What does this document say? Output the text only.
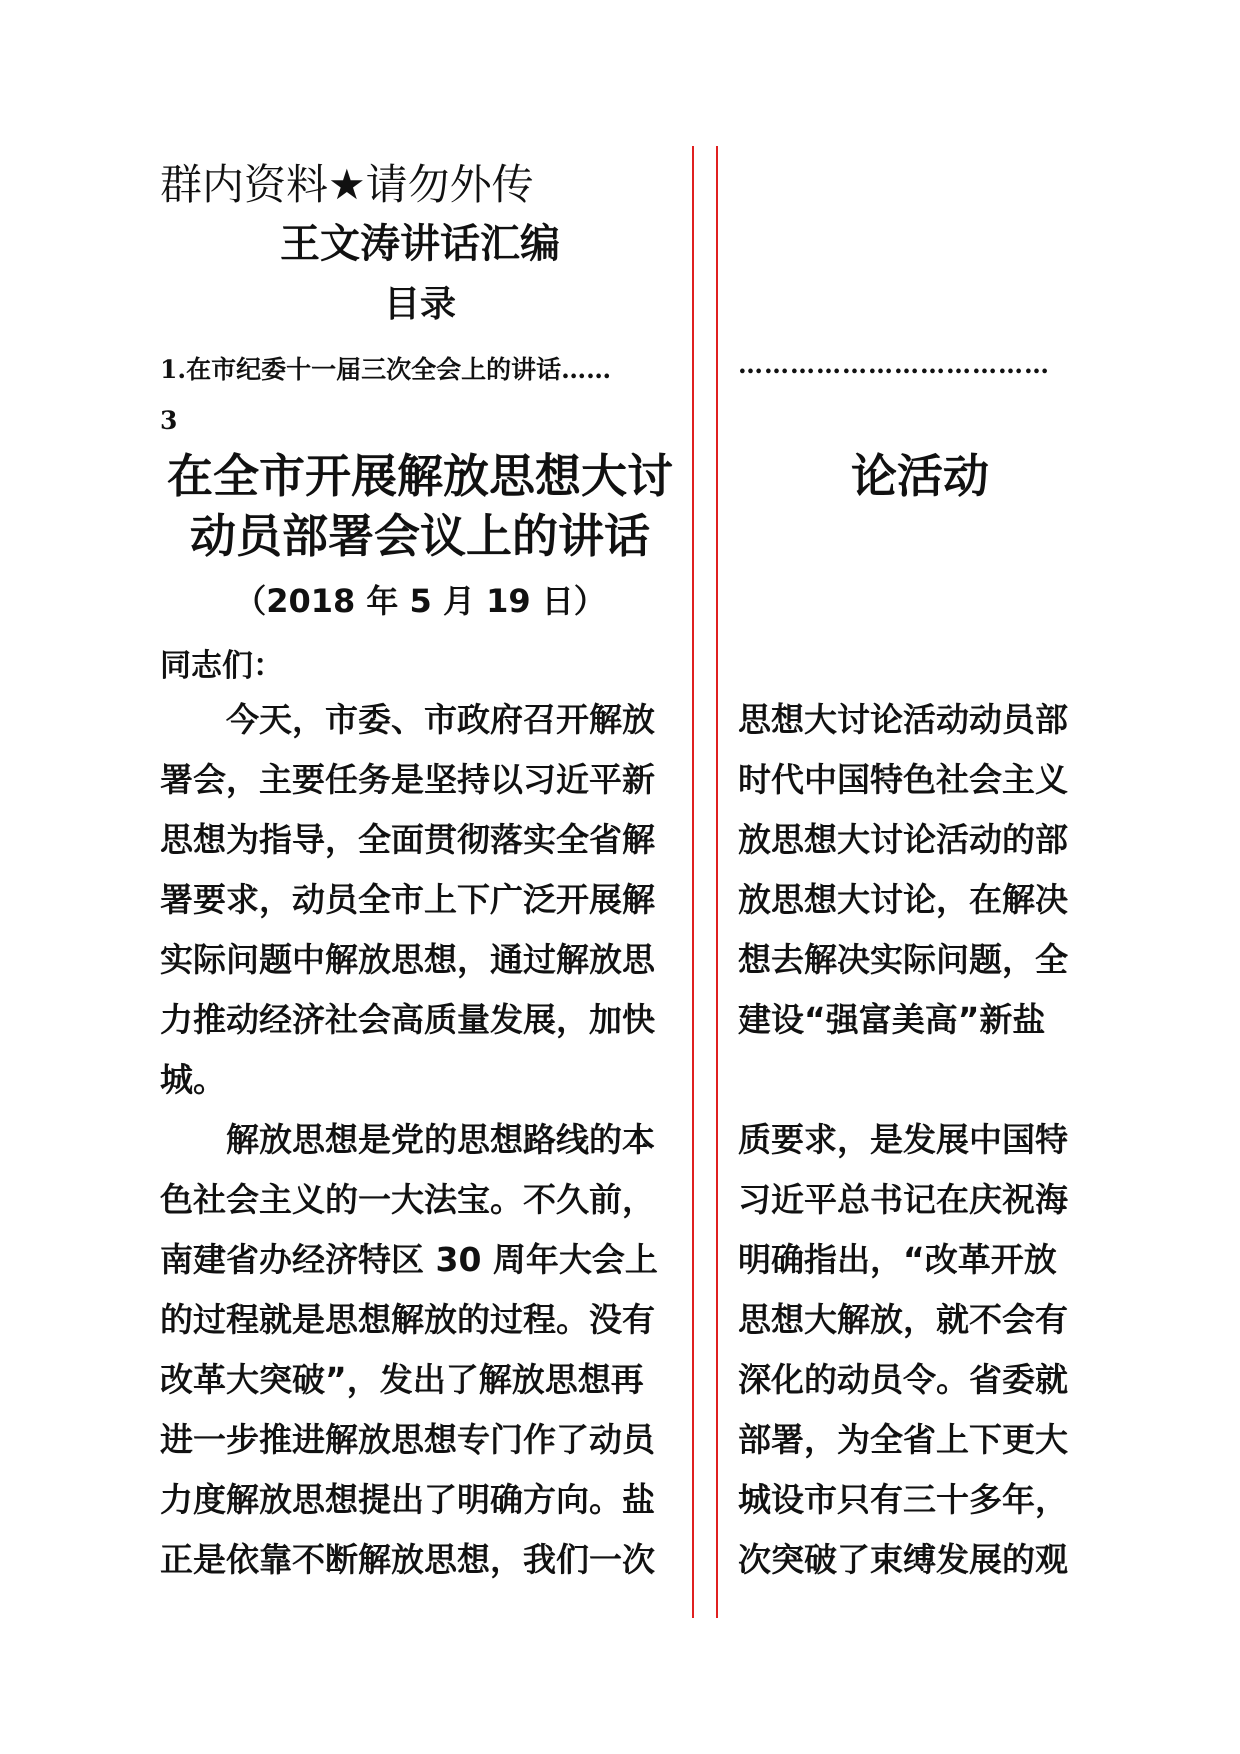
群内资料★请勿外传
王文涛讲话汇编
目录
1.在市纪委十一届三次全会上的讲话……	………………………………
3
在全市开展解放思想大讨
动员部署会议上的讲话
论活动
（2018 年 5 月 19 日）
同志们：
　　今天，市委、市政府召开解放
署会，主要任务是坚持以习近平新
思想为指导，全面贯彻落实全省解
署要求，动员全市上下广泛开展解
实际问题中解放思想，通过解放思
力推动经济社会高质量发展，加快
城。
　　解放思想是党的思想路线的本
色社会主义的一大法宝。不久前，
南建省办经济特区 30 周年大会上
的过程就是思想解放的过程。没有
改革大突破”，发出了解放思想再
进一步推进解放思想专门作了动员
力度解放思想提出了明确方向。盐
正是依靠不断解放思想，我们一次
思想大讨论活动动员部
时代中国特色社会主义
放思想大讨论活动的部
放思想大讨论，在解决
想去解决实际问题，全
建设“强富美高”新盐
质要求，是发展中国特
习近平总书记在庆祝海
明确指出，“改革开放
思想大解放，就不会有
深化的动员令。省委就
部署，为全省上下更大
城设市只有三十多年，
次突破了束缚发展的观
